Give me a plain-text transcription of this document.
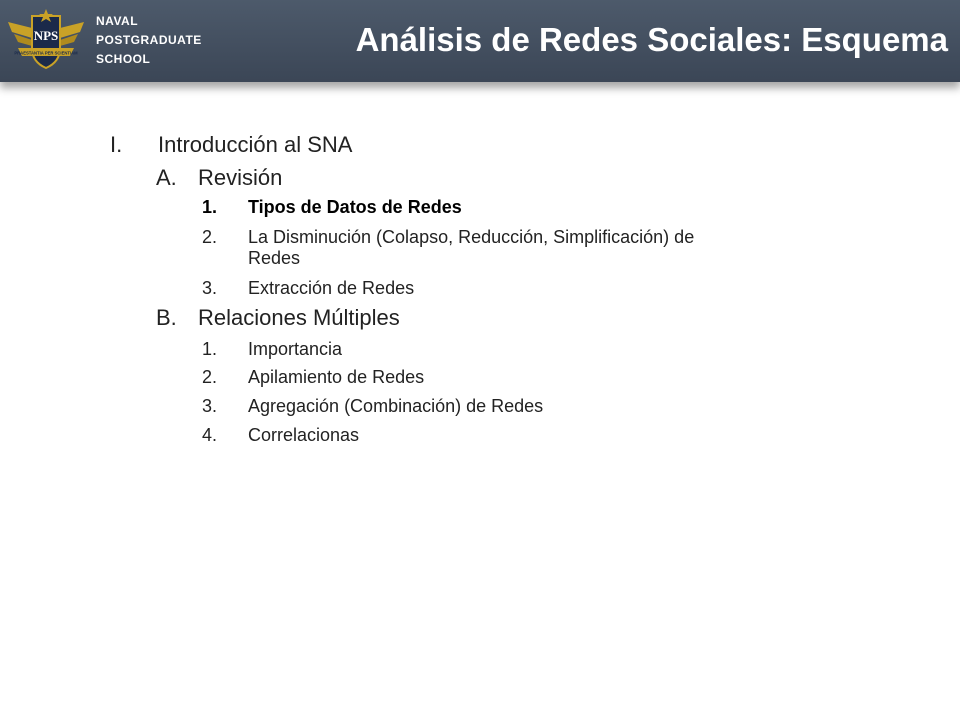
NPS
PRAESTANTIA PER SCIENTIAM
NAVAL
POSTGRADUATE
SCHOOL
Análisis de Redes Sociales: Esquema
I. Introducción al SNA
A. Revisión
1. Tipos de Datos de Redes
2. La Disminución (Colapso, Reducción, Simplificación) de
Redes
3. Extracción de Redes
B. Relaciones Múltiples
1. Importancia
2. Apilamiento de Redes
3. Agregación (Combinación) de Redes
4. Correlacionas
